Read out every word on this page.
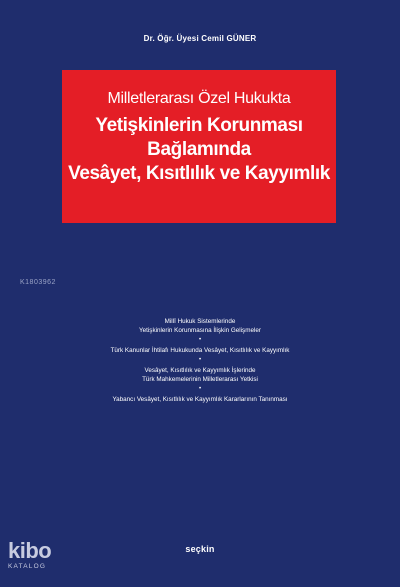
Dr. Öğr. Üyesi Cemil GÜNER
Milletlerarası Özel Hukukta
Yetişkinlerin Korunması
Bağlamında
Vesâyet, Kısıtlılık ve Kayyımlık
K1803962

Millî Hukuk Sistemlerinde

Yetişkinlerin Korunmasına İlişkin Gelişmeler

•

Türk Kanunlar İhtilafı Hukukunda Vesâyet, Kısıtlılık ve Kayyımlık

•

Vesâyet, Kısıtlılık ve Kayyımlık İşlerinde

Türk Mahkemelerinin Milletlerarası Yetkisi

•

Yabancı Vesâyet, Kısıtlılık ve Kayyımlık Kararlarının Tanınması

kibo
KATALOG
seçkin
